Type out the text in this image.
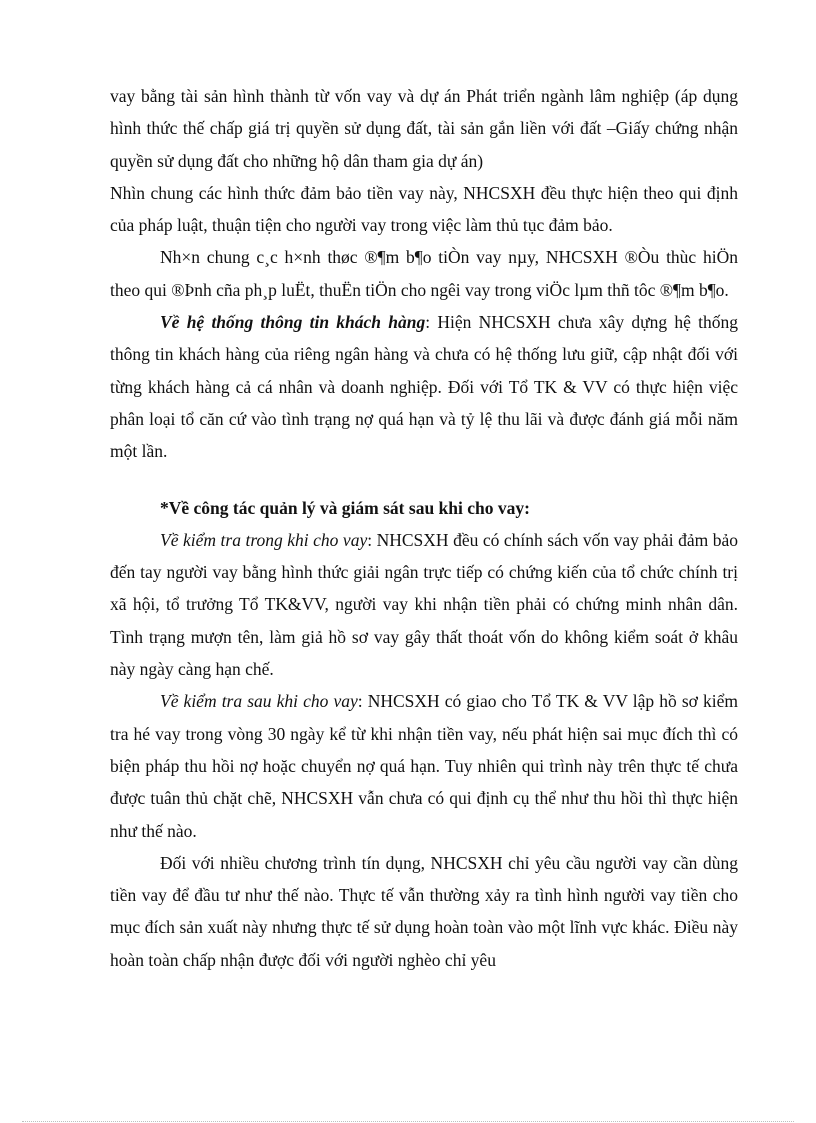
vay bằng tài sản hình thành từ vốn vay và dự án Phát triển ngành lâm nghiệp (áp dụng hình thức thế chấp giá trị quyền sử dụng đất, tài sản gắn liền với đất –Giấy chứng nhận quyền sử dụng đất cho những hộ dân tham gia dự án)

Nhìn chung các hình thức đảm bảo tiền vay này, NHCSXH đều thực hiện theo qui định của pháp luật, thuận tiện cho người vay trong việc làm thủ tục đảm bảo.

Nh×n chung c¸c h×nh thøc ®¶m b¶o tiÒn vay nµy, NHCSXH ®Òu thùc hiÖn theo qui ®Þnh cña ph¸p luËt, thuËn tiÖn cho ngêi vay trong viÖc lµm thñ tôc ®¶m b¶o.

Về hệ thống thông tin khách hàng: Hiện NHCSXH chưa xây dựng hệ thống thông tin khách hàng của riêng ngân hàng và chưa có hệ thống lưu giữ, cập nhật đối với từng khách hàng cả cá nhân và doanh nghiệp. Đối với Tổ TK & VV có thực hiện việc phân loại tổ căn cứ vào tình trạng nợ quá hạn và tỷ lệ thu lãi và được đánh giá mỗi năm một lần.

*Về công tác quản lý và giám sát sau khi cho vay:

Về kiểm tra trong khi cho vay: NHCSXH đều có chính sách vốn vay phải đảm bảo đến tay người vay bằng hình thức giải ngân trực tiếp có chứng kiến của tổ chức chính trị xã hội, tổ trưởng Tổ TK&VV, người vay khi nhận tiền phải có chứng minh nhân dân. Tình trạng mượn tên, làm giả hồ sơ vay gây thất thoát vốn do không kiểm soát ở khâu này ngày càng hạn chế.

Về kiểm tra sau khi cho vay: NHCSXH có giao cho Tổ TK & VV lập hồ sơ kiểm tra hé vay trong vòng 30 ngày kể từ khi nhận tiền vay, nếu phát hiện sai mục đích thì có biện pháp thu hồi nợ hoặc chuyển nợ quá hạn. Tuy nhiên qui trình này trên thực tế chưa được tuân thủ chặt chẽ, NHCSXH vẫn chưa có qui định cụ thể như thu hồi thì thực hiện như thế nào.

Đối với nhiều chương trình tín dụng, NHCSXH chỉ yêu cầu người vay cần dùng tiền vay để đầu tư như thế nào. Thực tế vẫn thường xảy ra tình hình người vay tiền cho mục đích sản xuất này nhưng thực tế sử dụng hoàn toàn vào một lĩnh vực khác. Điều này hoàn toàn chấp nhận được đối với người nghèo chỉ yêu
